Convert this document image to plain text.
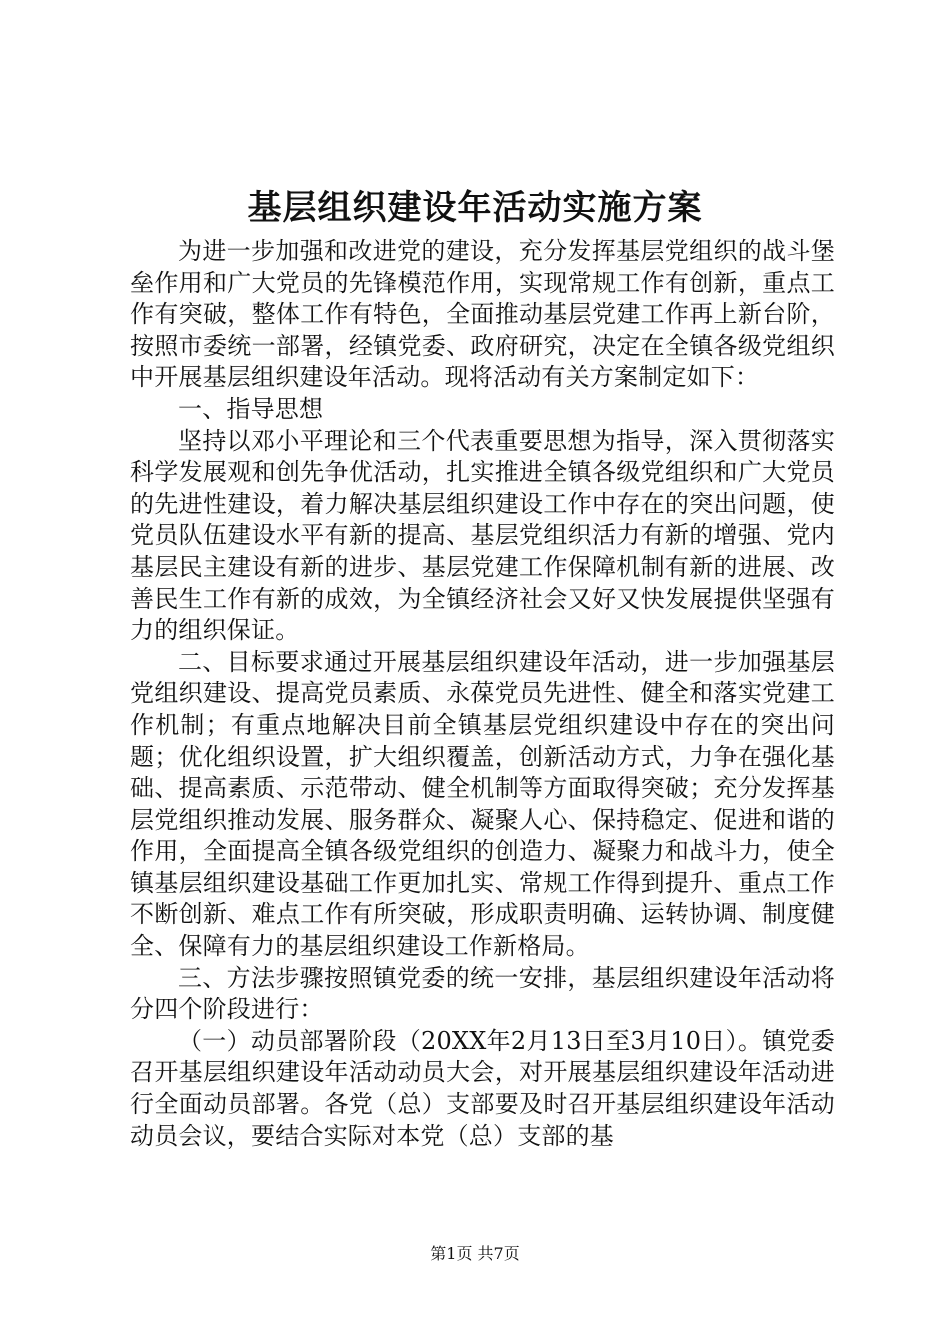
基层组织建设年活动实施方案

为进一步加强和改进党的建设，充分发挥基层党组织的战斗堡垒作用和广大党员的先锋模范作用，实现常规工作有创新，重点工作有突破，整体工作有特色，全面推动基层党建工作再上新台阶，按照市委统一部署，经镇党委、政府研究，决定在全镇各级党组织中开展基层组织建设年活动。现将活动有关方案制定如下：

一、指导思想

坚持以邓小平理论和三个代表重要思想为指导，深入贯彻落实科学发展观和创先争优活动，扎实推进全镇各级党组织和广大党员的先进性建设，着力解决基层组织建设工作中存在的突出问题，使党员队伍建设水平有新的提高、基层党组织活力有新的增强、党内基层民主建设有新的进步、基层党建工作保障机制有新的进展、改善民生工作有新的成效，为全镇经济社会又好又快发展提供坚强有力的组织保证。

二、目标要求通过开展基层组织建设年活动，进一步加强基层党组织建设、提高党员素质、永葆党员先进性、健全和落实党建工作机制；有重点地解决目前全镇基层党组织建设中存在的突出问题；优化组织设置，扩大组织覆盖，创新活动方式，力争在强化基础、提高素质、示范带动、健全机制等方面取得突破；充分发挥基层党组织推动发展、服务群众、凝聚人心、保持稳定、促进和谐的作用，全面提高全镇各级党组织的创造力、凝聚力和战斗力，使全镇基层组织建设基础工作更加扎实、常规工作得到提升、重点工作不断创新、难点工作有所突破，形成职责明确、运转协调、制度健全、保障有力的基层组织建设工作新格局。

三、方法步骤按照镇党委的统一安排，基层组织建设年活动将分四个阶段进行：

（一）动员部署阶段（20XX年2月13日至3月10日）。镇党委召开基层组织建设年活动动员大会，对开展基层组织建设年活动进行全面动员部署。各党（总）支部要及时召开基层组织建设年活动动员会议，要结合实际对本党（总）支部的基

第1页 共7页
